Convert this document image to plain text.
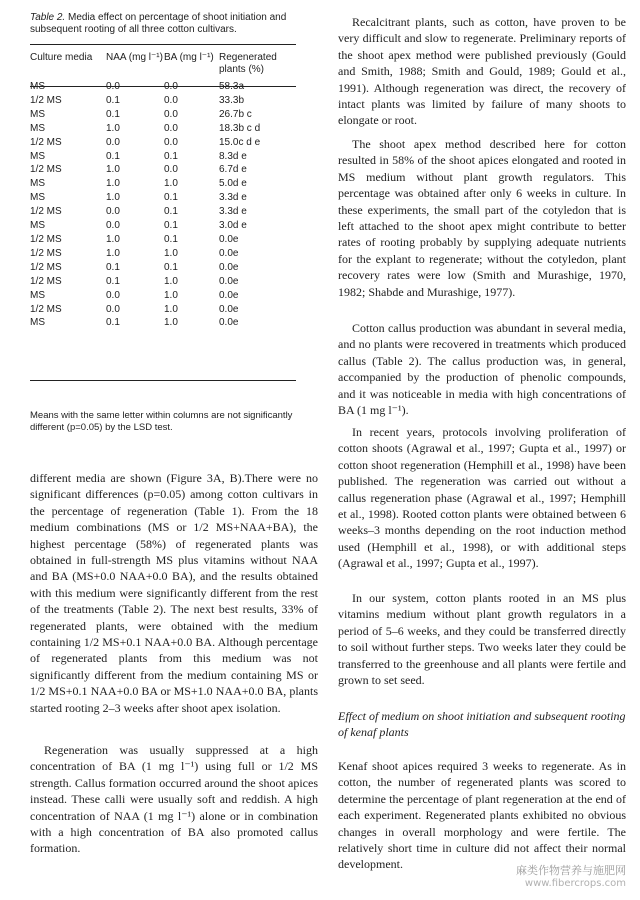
Table 2. Media effect on percentage of shoot initiation and subsequent rooting of all three cotton cultivars.
Culture media	NAA (mg l⁻¹)	BA (mg l⁻¹)	Regenerated plants (%)
MS	0.0	0.0	58.3a
1/2 MS	0.1	0.0	33.3b
MS	0.1	0.0	26.7b c
MS	1.0	0.0	18.3b c d
1/2 MS	0.0	0.0	15.0c d e
MS	0.1	0.1	8.3d e
1/2 MS	1.0	0.0	6.7d e
MS	1.0	1.0	5.0d e
MS	1.0	0.1	3.3d e
1/2 MS	0.0	0.1	3.3d e
MS	0.0	0.1	3.0d e
1/2 MS	1.0	0.1	0.0e
1/2 MS	1.0	1.0	0.0e
1/2 MS	0.1	0.1	0.0e
1/2 MS	0.1	1.0	0.0e
MS	0.0	1.0	0.0e
1/2 MS	0.0	1.0	0.0e
MS	0.1	1.0	0.0e
Means with the same letter within columns are not significantly different (p=0.05) by the LSD test.

different media are shown (Figure 3A, B).There were no significant differences (p=0.05) among cotton cultivars in the percentage of regeneration (Table 1). From the 18 medium combinations (MS or 1/2 MS+NAA+BA), the highest percentage (58%) of regenerated plants was obtained in full-strength MS plus vitamins without NAA and BA (MS+0.0 NAA+0.0 BA), and the results obtained with this medium were significantly different from the rest of the treatments (Table 2). The next best results, 33% of regenerated plants, were obtained with the medium containing 1/2 MS+0.1 NAA+0.0 BA. Although percentage of regenerated plants from this medium was not significantly different from the medium containing MS or 1/2 MS+0.1 NAA+0.0 BA or MS+1.0 NAA+0.0 BA, plants started rooting 2–3 weeks after shoot apex isolation.

Regeneration was usually suppressed at a high concentration of BA (1 mg l⁻¹) using full or 1/2 MS strength. Callus formation occurred around the shoot apices instead. These calli were usually soft and reddish. A high concentration of NAA (1 mg l⁻¹) alone or in combination with a high concentration of BA also promoted callus formation.

Recalcitrant plants, such as cotton, have proven to be very difficult and slow to regenerate. Preliminary reports of the shoot apex method were published previously (Gould and Smith, 1988; Smith and Gould, 1989; Gould et al., 1991). Although regeneration was direct, the recovery of intact plants was limited by failure of many shoots to elongate or root.

The shoot apex method described here for cotton resulted in 58% of the shoot apices elongated and rooted in MS medium without plant growth regulators. This percentage was obtained after only 6 weeks in culture. In these experiments, the small part of the cotyledon that is left attached to the shoot apex might contribute to better rates of rooting probably by supplying adequate nutrients for the explant to regenerate; without the cotyledon, plant recovery rates were low (Smith and Murashige, 1970, 1982; Shabde and Murashige, 1977).

Cotton callus production was abundant in several media, and no plants were recovered in treatments which produced callus (Table 2). The callus production was, in general, accompanied by the production of phenolic compounds, and it was noticeable in media with high concentrations of BA (1 mg l⁻¹).

In recent years, protocols involving proliferation of cotton shoots (Agrawal et al., 1997; Gupta et al., 1997) or cotton shoot regeneration (Hemphill et al., 1998) have been published. The regeneration was carried out without a callus regeneration phase (Agrawal et al., 1997; Hemphill et al., 1998). Rooted cotton plants were obtained between 6 weeks–3 months depending on the root induction method used (Hemphill et al., 1998), or with additional steps (Agrawal et al., 1997; Gupta et al., 1997).

In our system, cotton plants rooted in an MS plus vitamins medium without plant growth regulators in a period of 5–6 weeks, and they could be transferred directly to soil without further steps. Two weeks later they could be transferred to the greenhouse and all plants were fertile and grown to set seed.

Effect of medium on shoot initiation and subsequent rooting of kenaf plants

Kenaf shoot apices required 3 weeks to regenerate. As in cotton, the number of regenerated plants was scored to determine the percentage of plant regeneration at the end of each experiment. Regenerated plants exhibited no obvious changes in overall morphology and were fertile. The relatively short time in culture did not affect their normal development.	麻类作物营养与施肥网
www.fibercrops.com
